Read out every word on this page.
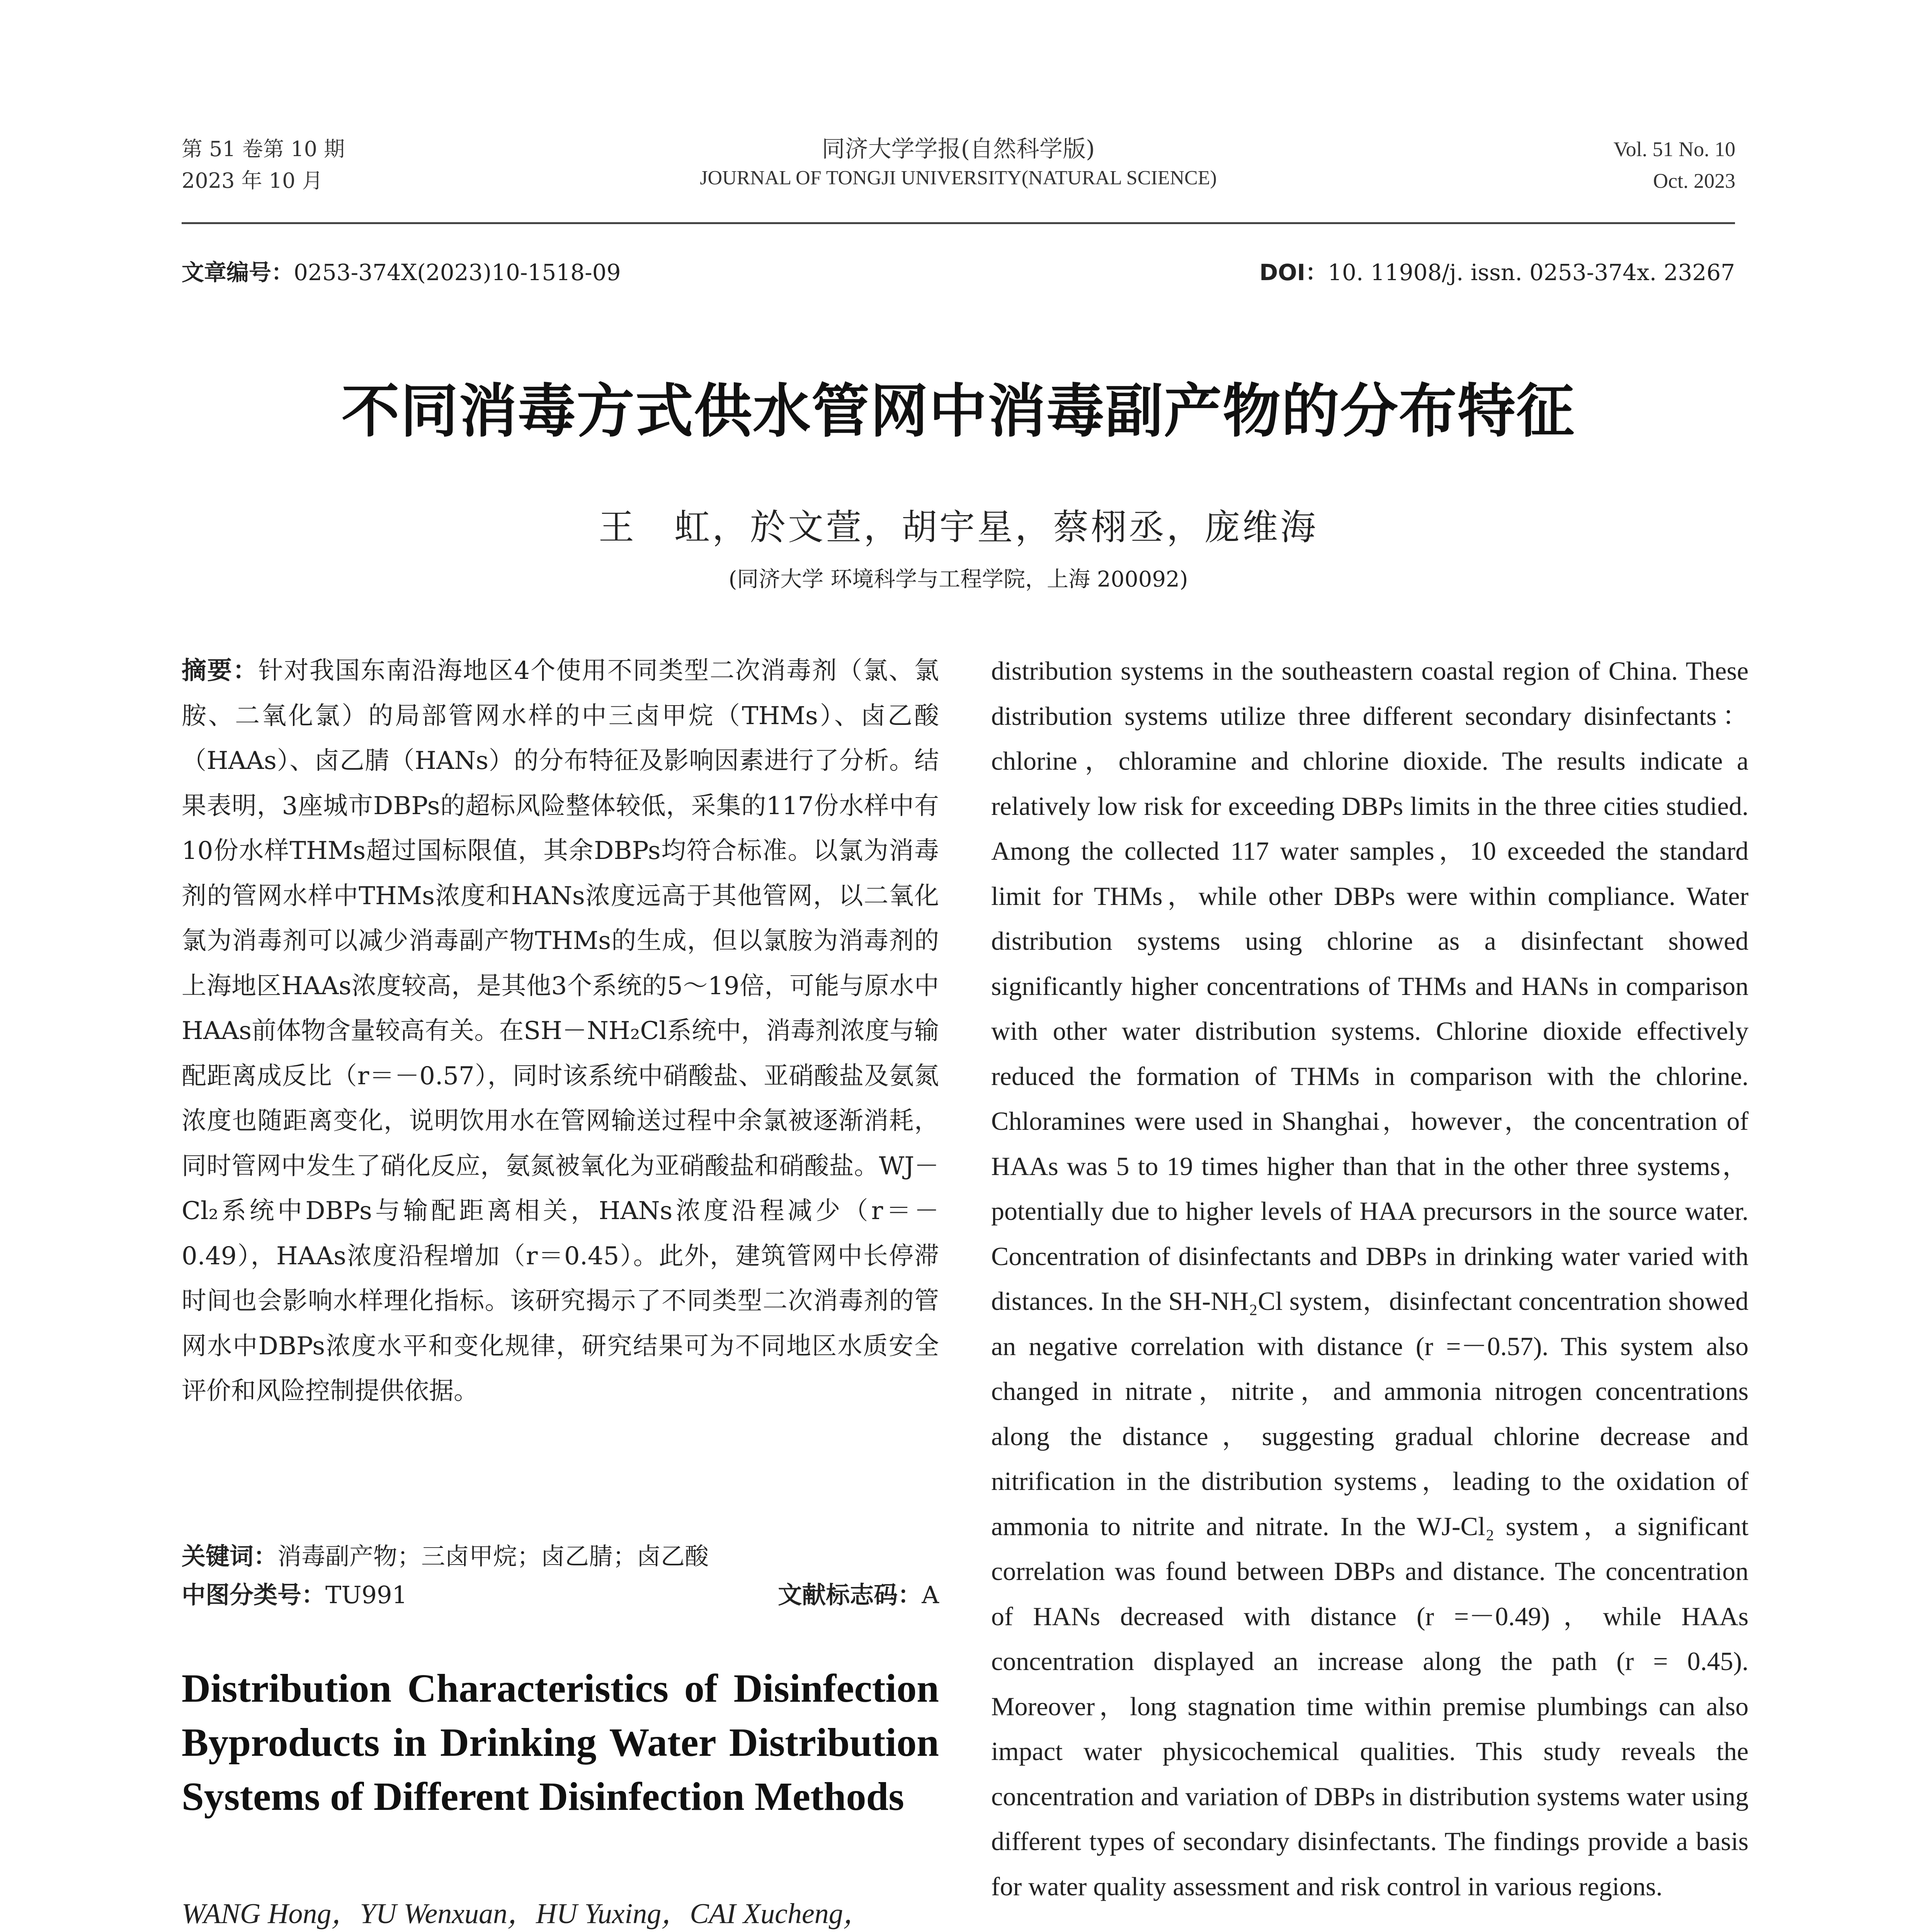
第 51 卷第 10 期
2023 年 10 月
同济大学学报(自然科学版)
JOURNAL OF TONGJI UNIVERSITY(NATURAL SCIENCE)
Vol. 51 No. 10
Oct. 2023
文章编号：0253-374X(2023)10-1518-09	DOI：10. 11908/j. issn. 0253-374x. 23267
不同消毒方式供水管网中消毒副产物的分布特征
王　虹，於文萱，胡宇星，蔡栩丞，庞维海
(同济大学 环境科学与工程学院，上海 200092)
摘要：针对我国东南沿海地区4个使用不同类型二次消毒剂（氯、氯胺、二氧化氯）的局部管网水样的中三卤甲烷（THMs）、卤乙酸（HAAs）、卤乙腈（HANs）的分布特征及影响因素进行了分析。结果表明，3座城市DBPs的超标风险整体较低，采集的117份水样中有10份水样THMs超过国标限值，其余DBPs均符合标准。以氯为消毒剂的管网水样中THMs浓度和HANs浓度远高于其他管网，以二氧化氯为消毒剂可以减少消毒副产物THMs的生成，但以氯胺为消毒剂的上海地区HAAs浓度较高，是其他3个系统的5～19倍，可能与原水中HAAs前体物含量较高有关。在SH－NH₂Cl系统中，消毒剂浓度与输配距离成反比（r＝－0.57），同时该系统中硝酸盐、亚硝酸盐及氨氮浓度也随距离变化，说明饮用水在管网输送过程中余氯被逐渐消耗，同时管网中发生了硝化反应，氨氮被氧化为亚硝酸盐和硝酸盐。WJ－Cl₂系统中DBPs与输配距离相关，HANs浓度沿程减少（r＝－0.49），HAAs浓度沿程增加（r＝0.45）。此外，建筑管网中长停滞时间也会影响水样理化指标。该研究揭示了不同类型二次消毒剂的管网水中DBPs浓度水平和变化规律，研究结果可为不同地区水质安全评价和风险控制提供依据。
关键词：消毒副产物；三卤甲烷；卤乙腈；卤乙酸
中图分类号：TU991	文献标志码：A
Distribution Characteristics of Disinfection Byproducts in Drinking Water Distribution Systems of Different Disinfection Methods
WANG Hong，YU Wenxuan，HU Yuxing，CAI Xucheng，
distribution systems in the southeastern coastal region of China. These distribution systems utilize three different secondary disinfectants：chlorine，chloramine and chlorine dioxide. The results indicate a relatively low risk for exceeding DBPs limits in the three cities studied. Among the collected 117 water samples，10 exceeded the standard limit for THMs，while other DBPs were within compliance. Water distribution systems using chlorine as a disinfectant showed significantly higher concentrations of THMs and HANs in comparison with other water distribution systems. Chlorine dioxide effectively reduced the formation of THMs in comparison with the chlorine. Chloramines were used in Shanghai，however，the concentration of HAAs was 5 to 19 times higher than that in the other three systems，potentially due to higher levels of HAA precursors in the source water. Concentration of disinfectants and DBPs in drinking water varied with distances. In the SH-NH₂Cl system，disinfectant concentration showed an negative correlation with distance (r =－0.57). This system also changed in nitrate，nitrite，and ammonia nitrogen concentrations along the distance，suggesting gradual chlorine decrease and nitrification in the distribution systems，leading to the oxidation of ammonia to nitrite and nitrate. In the WJ-Cl₂ system，a significant correlation was found between DBPs and distance. The concentration of HANs decreased with distance (r =－0.49)，while HAAs concentration displayed an increase along the path (r = 0.45). Moreover，long stagnation time within premise plumbings can also impact water physicochemical qualities. This study reveals the concentration and variation of DBPs in distribution systems water using different types of secondary disinfectants. The findings provide a basis for water quality assessment and risk control in various regions.
